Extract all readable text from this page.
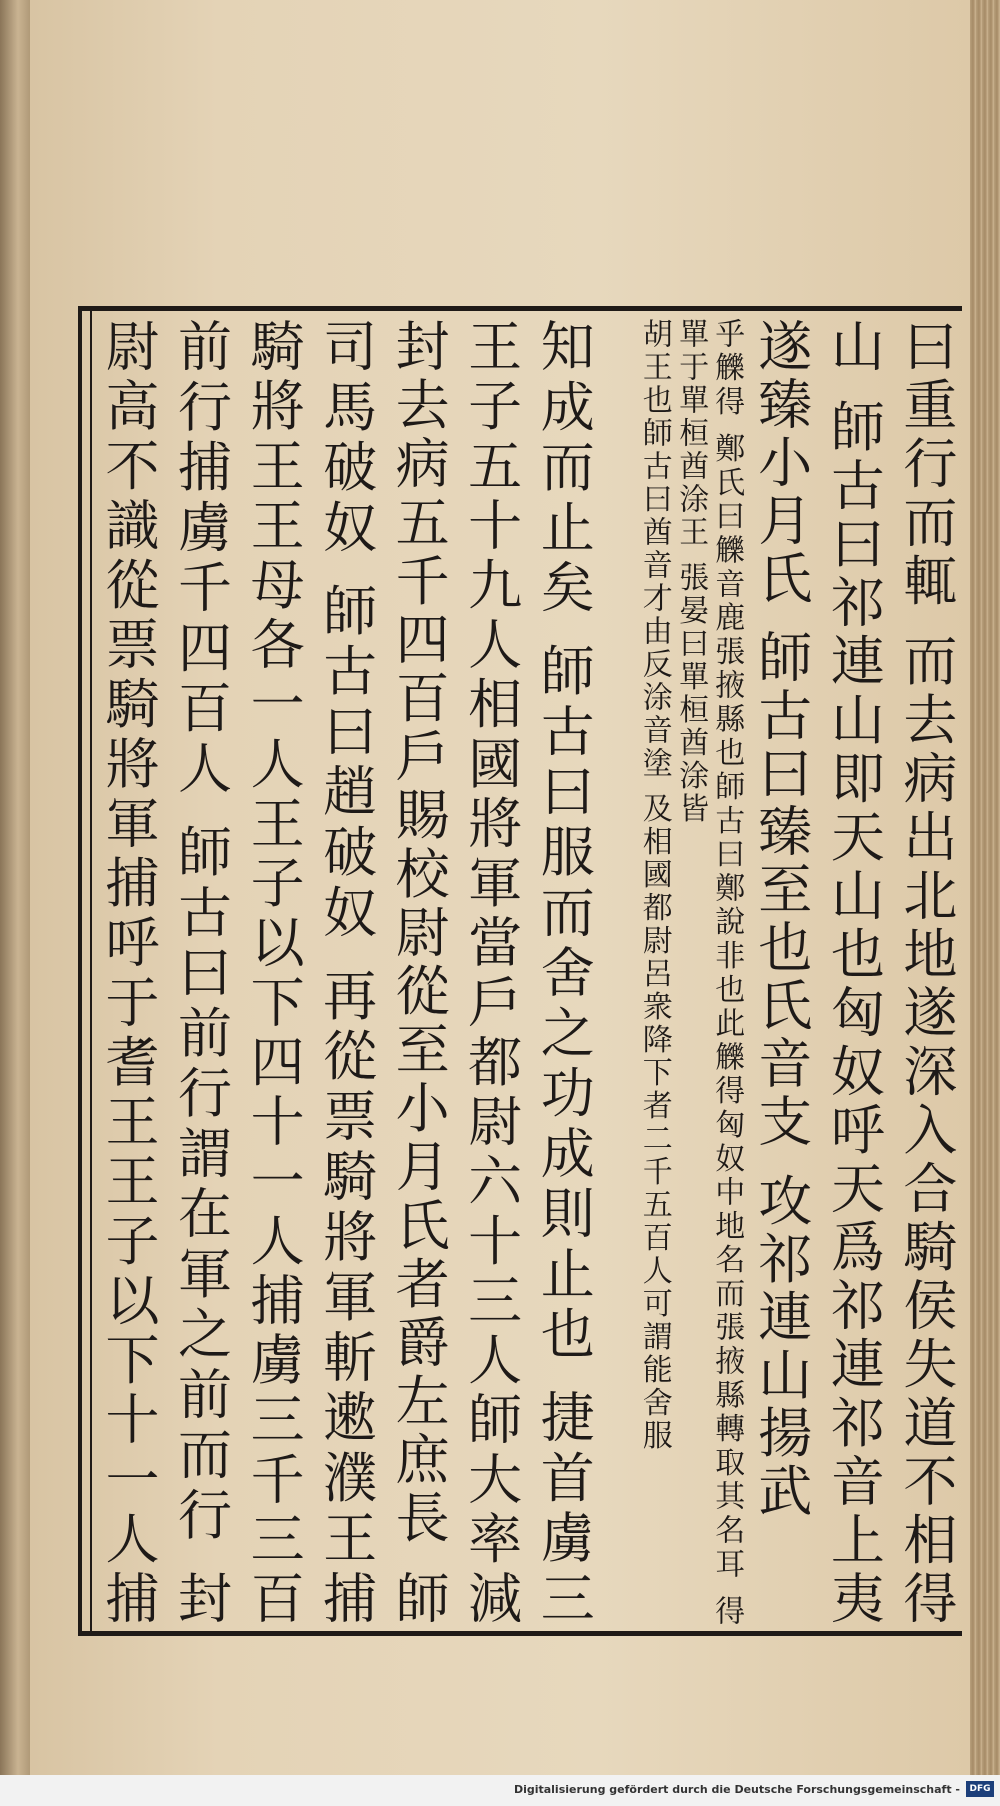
曰重行而輒 而去病出北地遂深入合騎侯失道不相得
山 師古曰祁連山即天山也匈奴呼天爲祁連祁音上夷
遂臻小月氏 師古曰臻至也氏音支 攻祁連山揚武
乎觻得 鄭氏曰觻音鹿張掖縣也師古曰鄭說非也此觻得匈奴中地名而張掖縣轉取其名耳 得單于單桓酋涂王 張晏曰單桓酋涂皆
胡王也師古曰酋音才由反涂音塗 及相國都尉呂衆降下者二千五百人可謂能舍服
知成而止矣 師古曰服而舍之功成則止也 捷首虜三
王子五十九人相國將軍當戶都尉六十三人師大率減
封去病五千四百戶賜校尉從至小月氏者爵左庶長 師
司馬破奴 師古曰趙破奴 再從票騎將軍斬遬濮王捕
騎將王王母各一人王子以下四十一人捕虜三千三百
前行捕虜千四百人 師古曰前行謂在軍之前而行 封
尉高不識從票騎將軍捕呼于耆王王子以下十一人捕
Digitalisierung gefördert durch die Deutsche Forschungsgemeinschaft -	DFG
